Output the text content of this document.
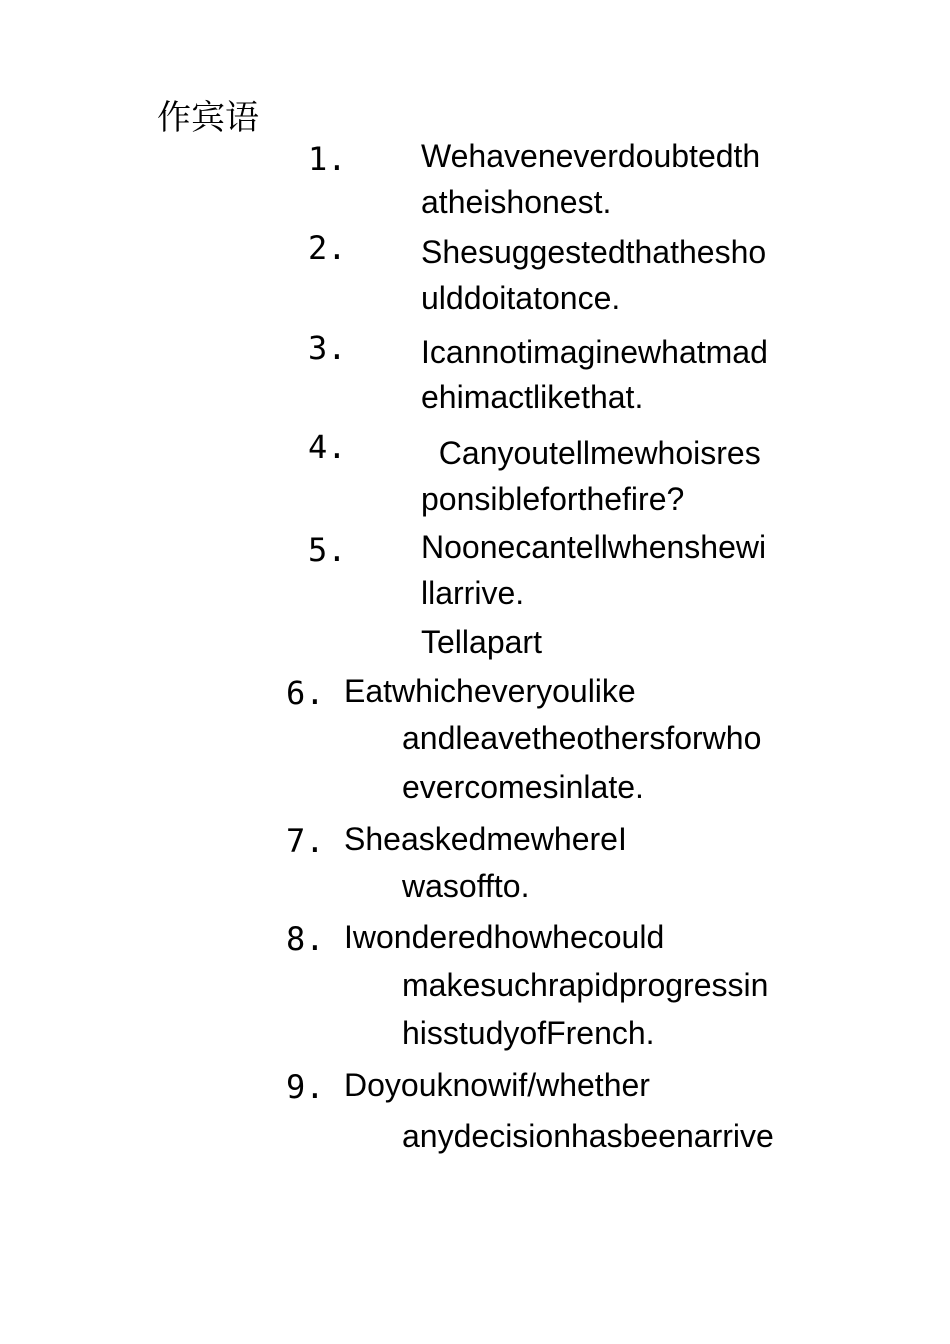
作宾语
1. Wehaveneverdoubtedth
atheishonest.
2. Shesuggestedthathesho
ulddoitatonce.
3. Icannotimaginewhatmad
ehimactlikethat.
4. Canyoutellmewhoisres
ponsibleforthefire?
5. Noonecantellwhenshewi
llarrive.
Tellapart
6. Eatwhicheveryoulike
andleavetheothersforwho
evercomesinlate.
7. SheaskedmewhereI
wasoffto.
8. Iwonderedhowhecould
makesuchrapidprogressin
hisstudyofFrench.
9. Doyouknowif/whether
anydecisionhasbeenarrive
